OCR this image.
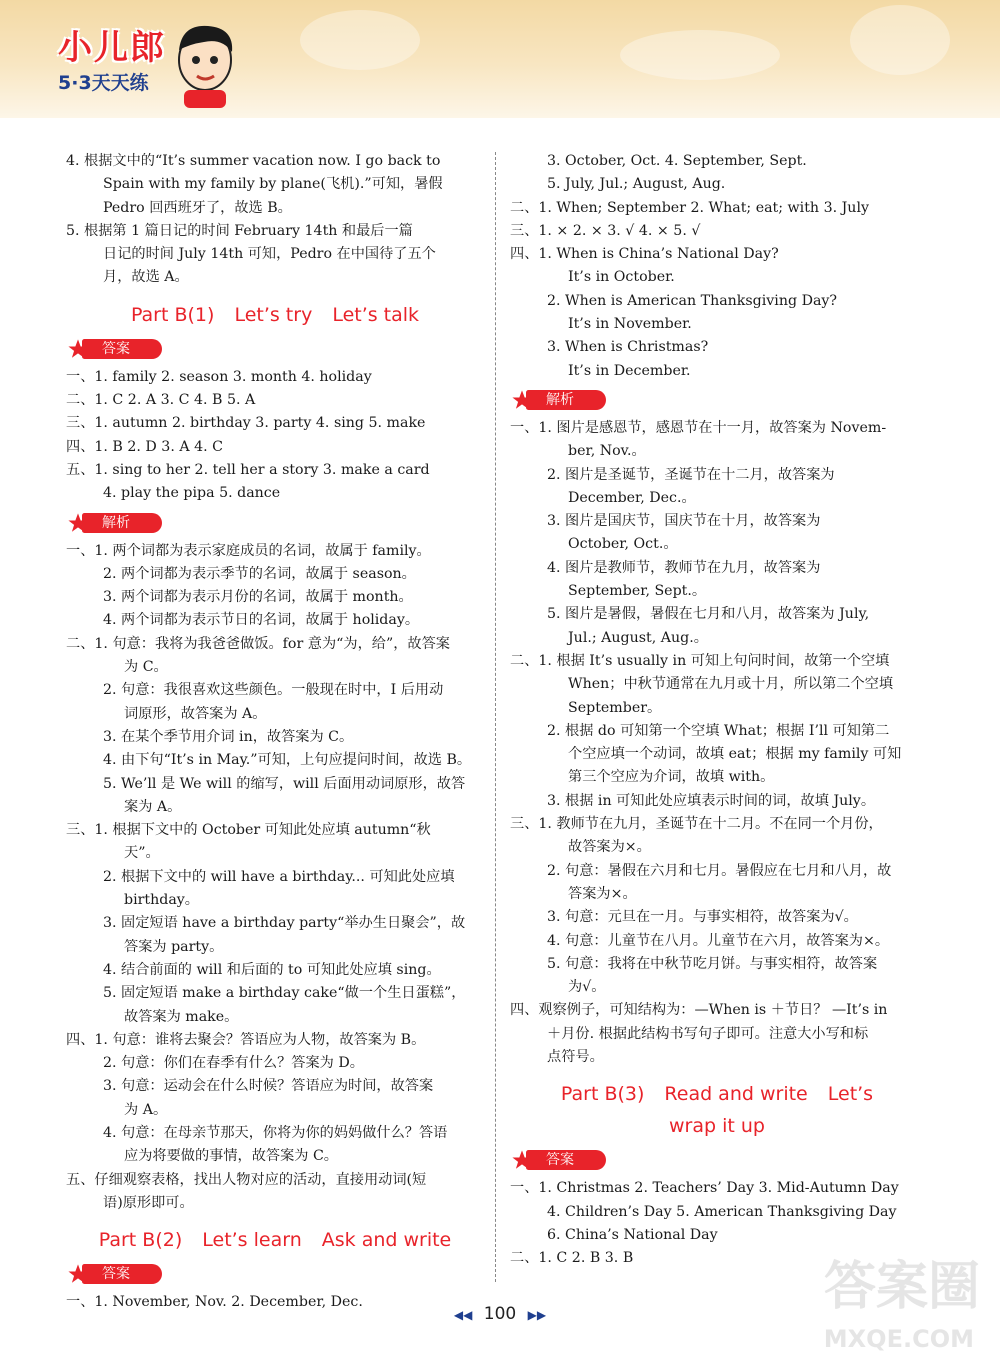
小儿郎
5·3天天练
4. 根据文中的“It’s summer vacation now. I go back to
Spain with my family by plane(飞机).”可知，暑假
Pedro 回西班牙了，故选 B。
5. 根据第 1 篇日记的时间 February 14th 和最后一篇
日记的时间 July 14th 可知，Pedro 在中国待了五个
月，故选 A。
Part B(1) Let’s try Let’s talk
答案
一、1. family 2. season 3. month 4. holiday
二、1. C 2. A 3. C 4. B 5. A
三、1. autumn 2. birthday 3. party 4. sing 5. make
四、1. B 2. D 3. A 4. C
五、1. sing to her 2. tell her a story 3. make a card
4. play the pipa 5. dance
解析
一、1. 两个词都为表示家庭成员的名词，故属于 family。
2. 两个词都为表示季节的名词，故属于 season。
3. 两个词都为表示月份的名词，故属于 month。
4. 两个词都为表示节日的名词，故属于 holiday。
二、1. 句意：我将为我爸爸做饭。for 意为“为，给”，故答案
为 C。
2. 句意：我很喜欢这些颜色。一般现在时中，I 后用动
词原形，故答案为 A。
3. 在某个季节用介词 in，故答案为 C。
4. 由下句“It’s in May.”可知，上句应提问时间，故选 B。
5. We’ll 是 We will 的缩写，will 后面用动词原形，故答
案为 A。
三、1. 根据下文中的 October 可知此处应填 autumn“秋
天”。
2. 根据下文中的 will have a birthday... 可知此处应填
birthday。
3. 固定短语 have a birthday party“举办生日聚会”，故
答案为 party。
4. 结合前面的 will 和后面的 to 可知此处应填 sing。
5. 固定短语 make a birthday cake“做一个生日蛋糕”，
故答案为 make。
四、1. 句意：谁将去聚会？答语应为人物，故答案为 B。
2. 句意：你们在春季有什么？答案为 D。
3. 句意：运动会在什么时候？答语应为时间，故答案
为 A。
4. 句意：在母亲节那天，你将为你的妈妈做什么？答语
应为将要做的事情，故答案为 C。
五、仔细观察表格，找出人物对应的活动，直接用动词(短
语)原形即可。
Part B(2) Let’s learn Ask and write
答案
一、1. November, Nov. 2. December, Dec.
3. October, Oct. 4. September, Sept.
5. July, Jul.; August, Aug.
二、1. When; September 2. What; eat; with 3. July
三、1. × 2. × 3. √ 4. × 5. √
四、1. When is China’s National Day?
It’s in October.
2. When is American Thanksgiving Day?
It’s in November.
3. When is Christmas?
It’s in December.
解析
一、1. 图片是感恩节，感恩节在十一月，故答案为 Novem-
ber, Nov.。
2. 图片是圣诞节，圣诞节在十二月，故答案为
December, Dec.。
3. 图片是国庆节，国庆节在十月，故答案为
October, Oct.。
4. 图片是教师节，教师节在九月，故答案为
September, Sept.。
5. 图片是暑假，暑假在七月和八月，故答案为 July,
Jul.; August, Aug.。
二、1. 根据 It’s usually in 可知上句问时间，故第一个空填
When；中秋节通常在九月或十月，所以第二个空填
September。
2. 根据 do 可知第一个空填 What；根据 I’ll 可知第二
个空应填一个动词，故填 eat；根据 my family 可知
第三个空应为介词，故填 with。
3. 根据 in 可知此处应填表示时间的词，故填 July。
三、1. 教师节在九月，圣诞节在十二月。不在同一个月份，
故答案为×。
2. 句意：暑假在六月和七月。暑假应在七月和八月，故
答案为×。
3. 句意：元旦在一月。与事实相符，故答案为√。
4. 句意：儿童节在八月。儿童节在六月，故答案为×。
5. 句意：我将在中秋节吃月饼。与事实相符，故答案
为√。
四、观察例子，可知结构为：—When is ＋节日？ —It’s in
＋月份. 根据此结构书写句子即可。注意大小写和标
点符号。
Part B(3) Read and write Let’s
wrap it up
答案
一、1. Christmas 2. Teachers’ Day 3. Mid-Autumn Day
4. Children’s Day 5. American Thanksgiving Day
6. China’s National Day
二、1. C 2. B 3. B
◀◀ 100 ▶▶	答案圈
MXQE.COM
